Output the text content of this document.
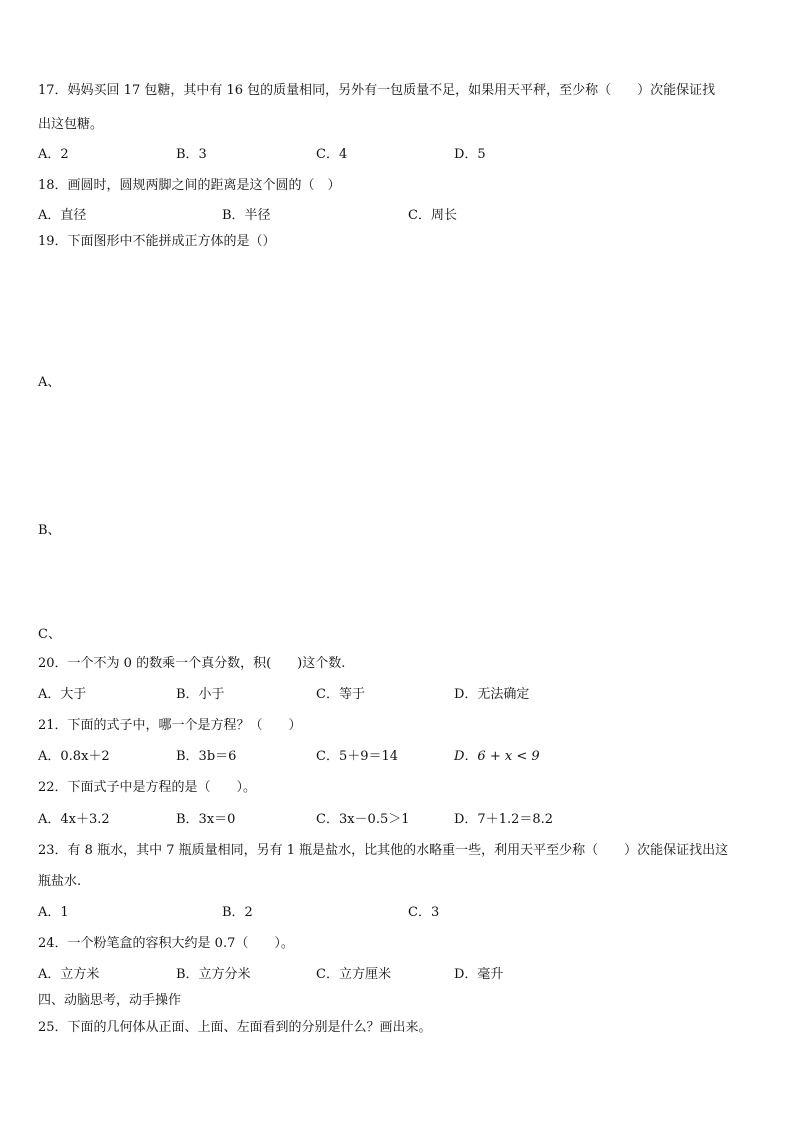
17．妈妈买回 17 包糖，其中有 16 包的质量相同，另外有一包质量不足，如果用天平秤，至少称（　　）次能保证找
出这包糖。
A．2	B．3	C．4	D．5
18．画圆时，圆规两脚之间的距离是这个圆的（　）
A．直径	B．半径	C．周长
19．下面图形中不能拼成正方体的是（）
A、
B、
C、
20．一个不为 0 的数乘一个真分数，积(　　)这个数.
A．大于	B．小于	C．等于	D．无法确定
21．下面的式子中，哪一个是方程？（　　）
A．0.8x＋2	B．3b＝6	C．5＋9＝14	D．6 + x < 9
22．下面式子中是方程的是（　　）。
A．4x＋3.2	B．3x＝0	C．3x－0.5＞1	D．7＋1.2＝8.2
23．有 8 瓶水，其中 7 瓶质量相同，另有 1 瓶是盐水，比其他的水略重一些，利用天平至少称（　　）次能保证找出这
瓶盐水.
A．1	B．2	C．3
24．一个粉笔盒的容积大约是 0.7（　　）。
A．立方米	B．立方分米	C．立方厘米	D．毫升
四、动脑思考，动手操作
25．下面的几何体从正面、上面、左面看到的分别是什么？画出来。
